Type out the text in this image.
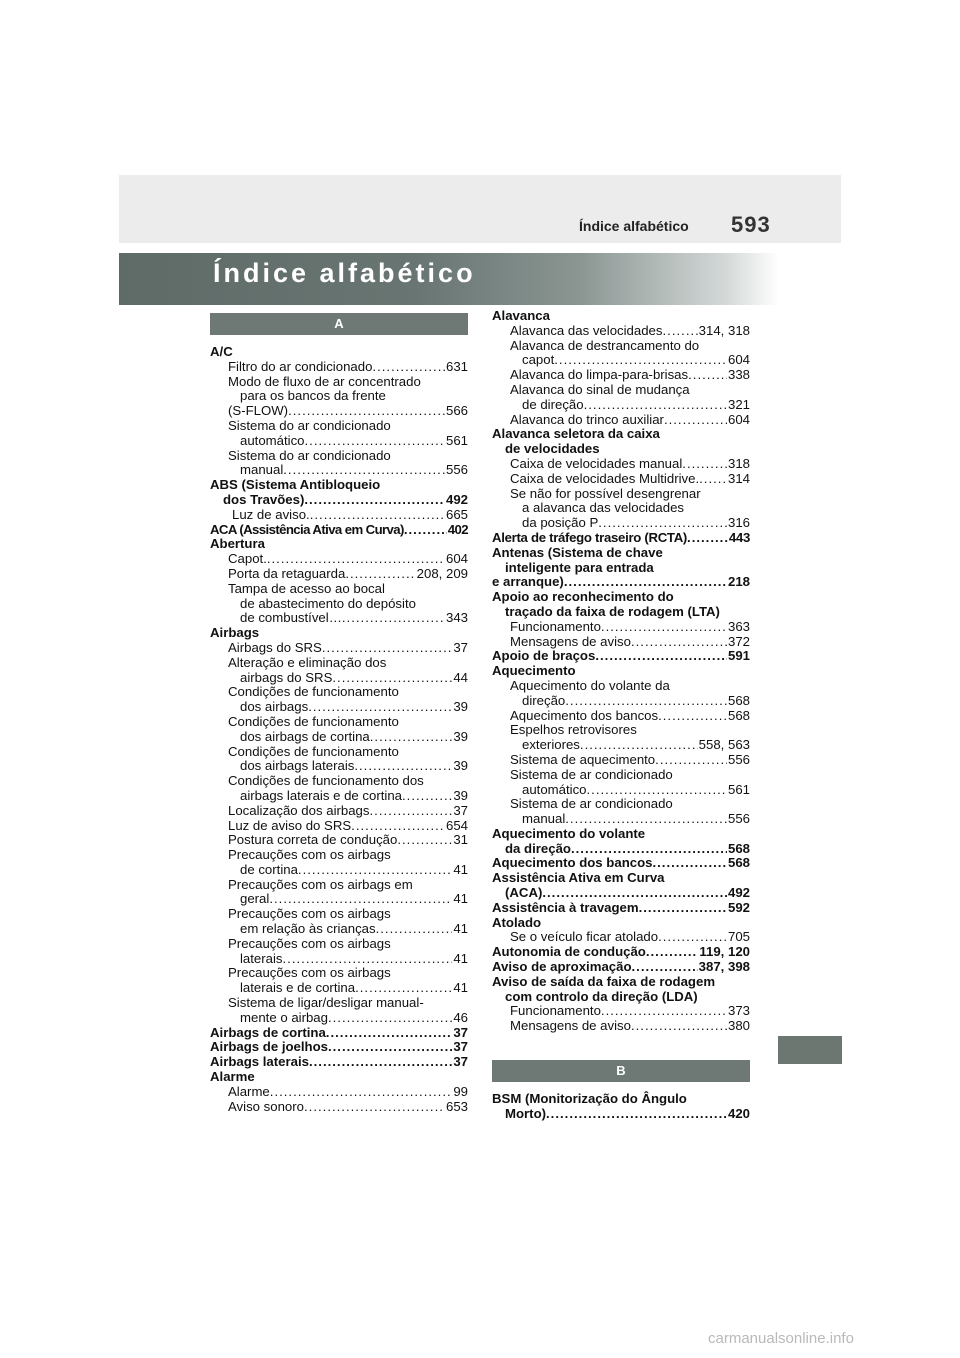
Índice alfabético 593
Índice alfabético
A
A/C
Filtro do ar condicionado .....	631
Modo de fluxo de ar concentrado
para os bancos da frente
(S-FLOW) .....	566
Sistema do ar condicionado
automático .....	561
Sistema do ar condicionado
manual .....	556
ABS (Sistema Antibloqueio
dos Travões) .....	492
Luz de aviso. .....	665
ACA (Assistência Ativa em Curva) .....	402
Abertura
Capot. .....	604
Porta da retaguarda .....	208, 209
Tampa de acesso ao bocal
de abastecimento do depósito
de combustível… .....	343
Airbags
Airbags do SRS .....	37
Alteração e eliminação dos
airbags do SRS .....	44
Condições de funcionamento
dos airbags .....	39
Condições de funcionamento
dos airbags de cortina .....	39
Condições de funcionamento
dos airbags laterais .....	39
Condições de funcionamento dos
airbags laterais e de cortina .....	39
Localização dos airbags .....	37
Luz de aviso do SRS .....	654
Postura correta de condução .....	31
Precauções com os airbags
de cortina .....	41
Precauções com os airbags em
geral .....	41
Precauções com os airbags
em relação às crianças .....	41
Precauções com os airbags
laterais .....	41
Precauções com os airbags
laterais e de cortina .....	41
Sistema de ligar/desligar manual-
mente o airbag .....	46
Airbags de cortina .....	37
Airbags de joelhos .....	37
Airbags laterais .....	37
Alarme
Alarme .....	99
Aviso sonoro .....	653
Alavanca
Alavanca das velocidades .....	314, 318
Alavanca de destrancamento do
capot .....	604
Alavanca do limpa-para-brisas .....	338
Alavanca do sinal de mudança
de direção .....	321
Alavanca do trinco auxiliar .....	604
Alavanca seletora da caixa
de velocidades
Caixa de velocidades manual .....	318
Caixa de velocidades Multidrive. ..... 314
Se não for possível desengrenar
a alavanca das velocidades
da posição P .....	316
Alerta de tráfego traseiro (RCTA) .....	443
Antenas (Sistema de chave
inteligente para entrada
e arranque) .....	218
Apoio ao reconhecimento do
traçado da faixa de rodagem (LTA)
Funcionamento .....	363
Mensagens de aviso .....	372
Apoio de braços .....	591
Aquecimento
Aquecimento do volante da
direção .....	568
Aquecimento dos bancos .....	568
Espelhos retrovisores
exteriores .....	558, 563
Sistema de aquecimento .....	556
Sistema de ar condicionado
automático .....	561
Sistema de ar condicionado
manual .....	556
Aquecimento do volante
da direção .....	568
Aquecimento dos bancos .....	568
Assistência Ativa em Curva
(ACA) .....	492
Assistência à travagem .....	592
Atolado
Se o veículo ficar atolado .....	705
Autonomia de condução .....	119, 120
Aviso de aproximação .....	387, 398
Aviso de saída da faixa de rodagem
com controlo da direção (LDA)
Funcionamento .....	373
Mensagens de aviso .....	380
B
BSM (Monitorização do Ângulo
Morto) .....	420
carmanualsonline.info
